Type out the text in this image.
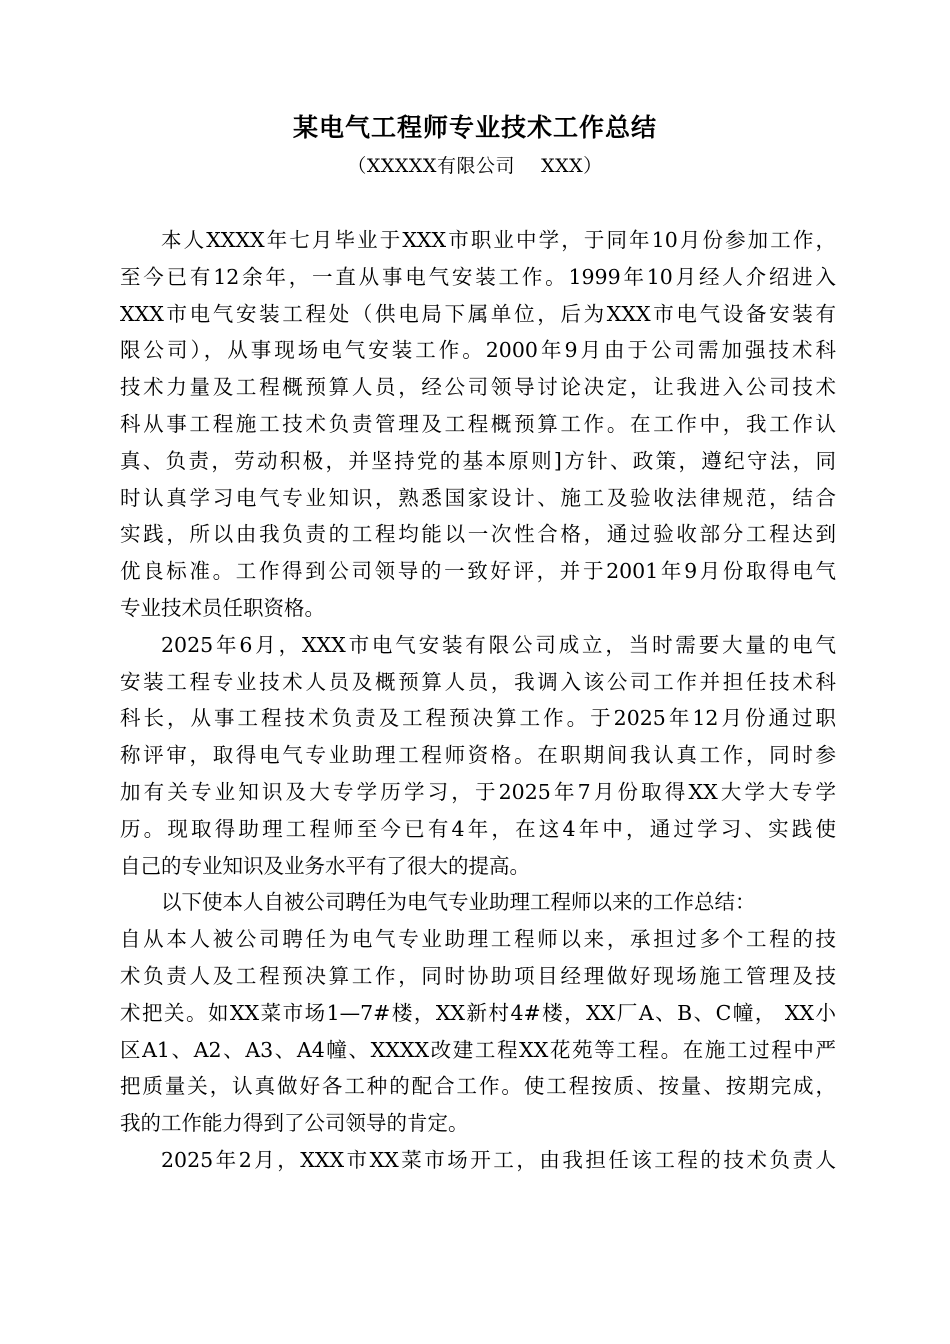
某电气工程师专业技术工作总结
（XXXXX有限公司    XXX）
本人XXXX年七月毕业于XXX市职业中学，于同年10月份参加工作，
至今已有12余年，一直从事电气安装工作。1999年10月经人介绍进入
XXX市电气安装工程处（供电局下属单位，后为XXX市电气设备安装有
限公司），从事现场电气安装工作。2000年9月由于公司需加强技术科
技术力量及工程概预算人员，经公司领导讨论决定，让我进入公司技术
科从事工程施工技术负责管理及工程概预算工作。在工作中，我工作认
真、负责，劳动积极，并坚持党的基本原则]方针、政策，遵纪守法，同
时认真学习电气专业知识，熟悉国家设计、施工及验收法律规范，结合
实践，所以由我负责的工程均能以一次性合格，通过验收部分工程达到
优良标准。工作得到公司领导的一致好评，并于2001年9月份取得电气
专业技术员任职资格。
2025年6月，XXX市电气安装有限公司成立，当时需要大量的电气
安装工程专业技术人员及概预算人员，我调入该公司工作并担任技术科
科长，从事工程技术负责及工程预决算工作。于2025年12月份通过职
称评审，取得电气专业助理工程师资格。在职期间我认真工作，同时参
加有关专业知识及大专学历学习，于2025年7月份取得XX大学大专学
历。现取得助理工程师至今已有4年，在这4年中，通过学习、实践使
自己的专业知识及业务水平有了很大的提高。
以下使本人自被公司聘任为电气专业助理工程师以来的工作总结：
自从本人被公司聘任为电气专业助理工程师以来，承担过多个工程的技
术负责人及工程预决算工作，同时协助项目经理做好现场施工管理及技
术把关。如XX菜市场1—7#楼，XX新村4#楼，XX厂A、B、C幢， XX小
区A1、A2、A3、A4幢、XXXX改建工程XX花苑等工程。在施工过程中严
把质量关，认真做好各工种的配合工作。使工程按质、按量、按期完成，
我的工作能力得到了公司领导的肯定。
2025年2月，XXX市XX菜市场开工，由我担任该工程的技术负责人
